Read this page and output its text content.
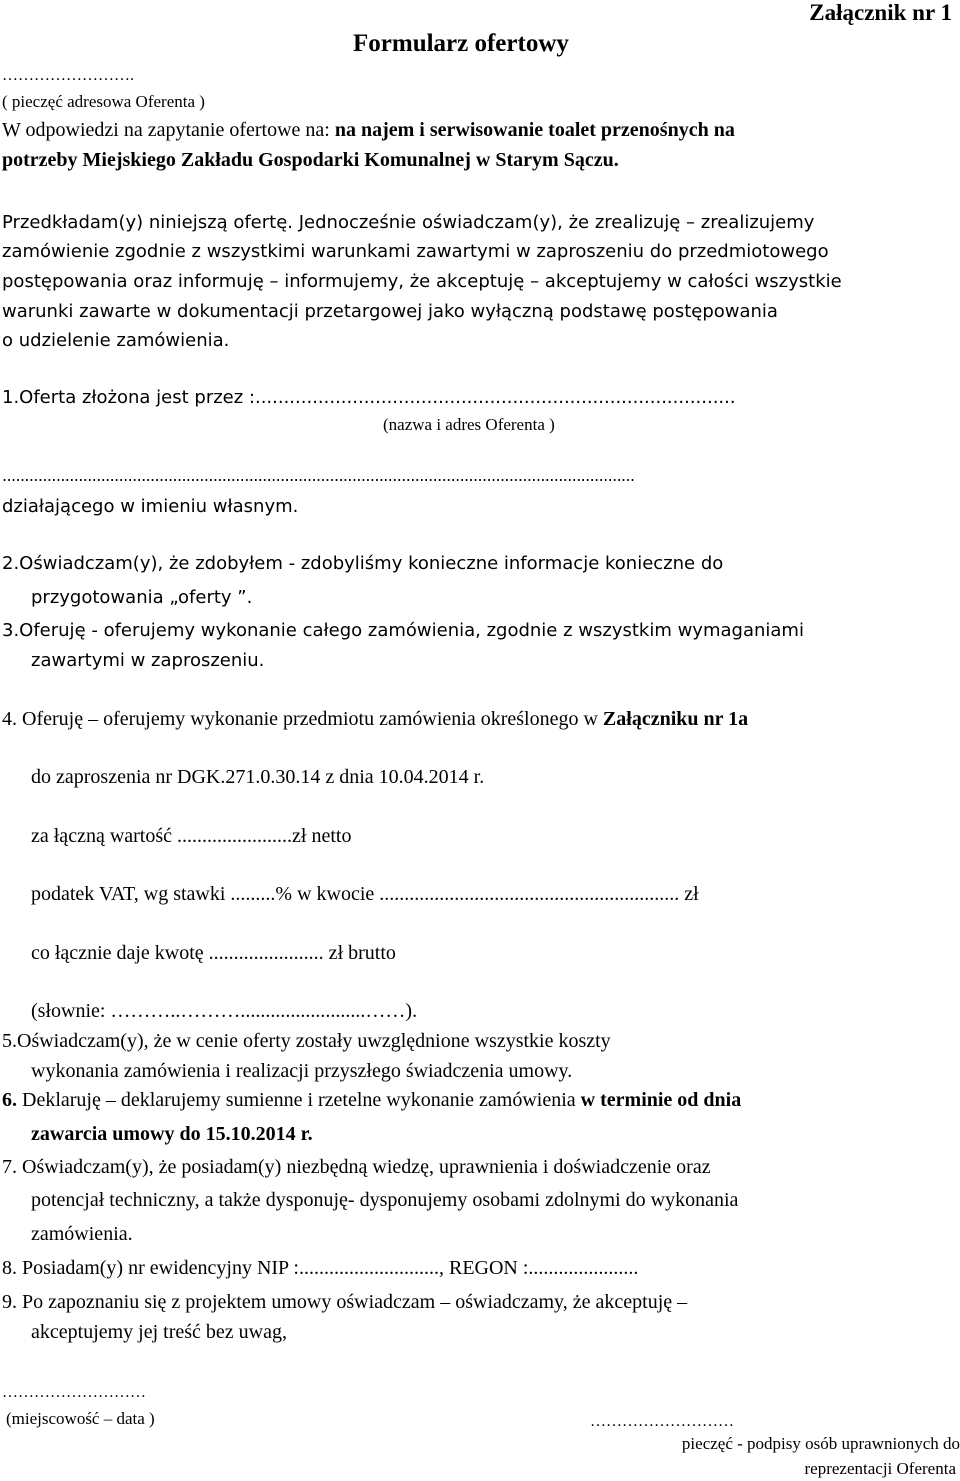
Załącznik nr 1
Formularz ofertowy
…………………….
( pieczęć adresowa Oferenta )
W odpowiedzi na zapytanie ofertowe na: na najem i serwisowanie toalet przenośnych na
potrzeby Miejskiego Zakładu Gospodarki Komunalnej w Starym Sączu.
Przedkładam(y) niniejszą ofertę. Jednocześnie oświadczam(y), że zrealizuję – zrealizujemy
zamówienie zgodnie z wszystkimi warunkami zawartymi w zaproszeniu do przedmiotowego
postępowania oraz informuję – informujemy, że akceptuję – akceptujemy w całości wszystkie
warunki zawarte w dokumentacji przetargowej jako wyłączną podstawę postępowania
o udzielenie zamówienia.
1.Oferta złożona jest przez :....................................................................................
(nazwa i adres Oferenta )
.............................................................................................................................................
działającego w imieniu własnym.
2.Oświadczam(y), że zdobyłem - zdobyliśmy konieczne informacje konieczne do
przygotowania „oferty ”.
3.Oferuję - oferujemy wykonanie całego zamówienia, zgodnie z wszystkim wymaganiami
zawartymi w zaproszeniu.
4. Oferuję – oferujemy wykonanie przedmiotu zamówienia określonego w Załączniku nr 1a
do zaproszenia nr DGK.271.0.30.14 z dnia 10.04.2014 r.
za łączną wartość .......................zł netto
podatek VAT, wg stawki .........% w kwocie ............................................................ zł
co łącznie daje kwotę ....................... zł brutto
(słownie: ………..……….........................……).
5.Oświadczam(y), że w cenie oferty zostały uwzględnione wszystkie koszty
wykonania zamówienia i realizacji przyszłego świadczenia umowy.
6. Deklaruję – deklarujemy sumienne i rzetelne wykonanie zamówienia w terminie od dnia
zawarcia umowy do 15.10.2014 r.
7. Oświadczam(y), że posiadam(y) niezbędną wiedzę, uprawnienia i doświadczenie oraz
potencjał techniczny, a także dysponuję- dysponujemy osobami zdolnymi do wykonania
zamówienia.
8. Posiadam(y) nr ewidencyjny NIP :............................, REGON :......................
9. Po zapoznaniu się z projektem umowy oświadczam – oświadczamy, że akceptuję –
akceptujemy jej treść bez uwag,
………………………
(miejscowość – data )	………………………
pieczęć - podpisy osób uprawnionych do
reprezentacji Oferenta
